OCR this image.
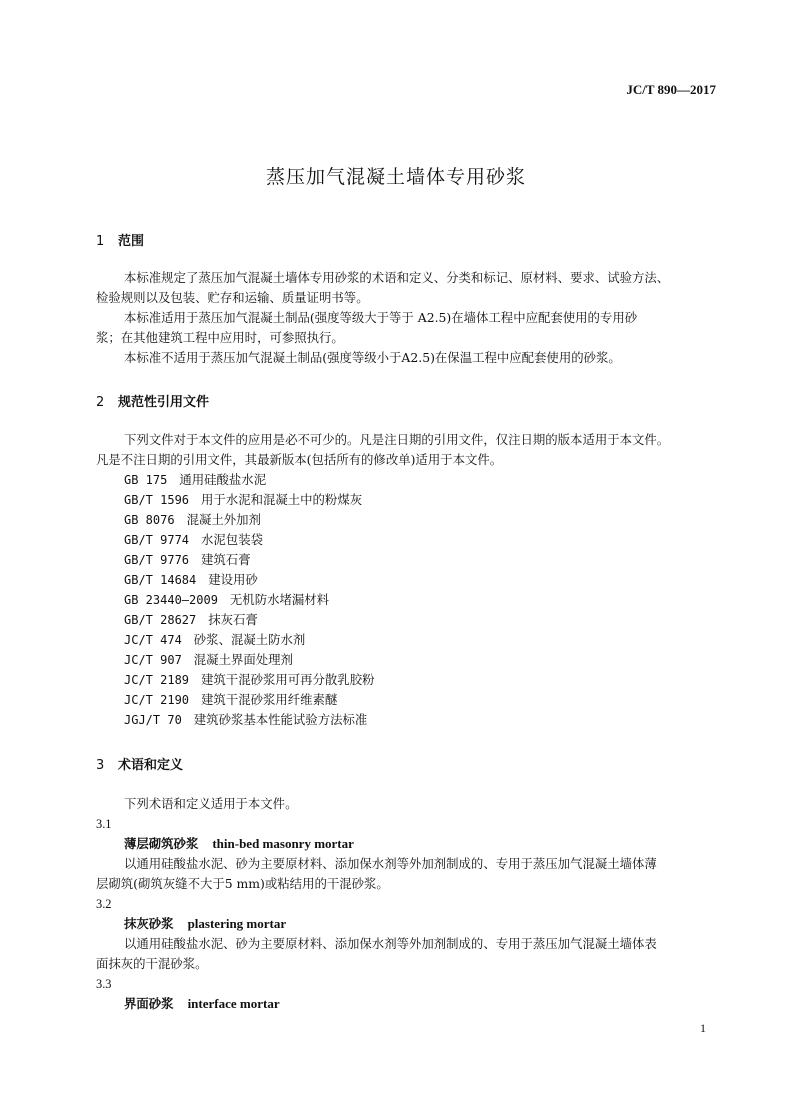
JC/T 890—2017
蒸压加气混凝土墙体专用砂浆
1 范围
本标准规定了蒸压加气混凝土墙体专用砂浆的术语和定义、分类和标记、原材料、要求、试验方法、
检验规则以及包装、贮存和运输、质量证明书等。
本标准适用于蒸压加气混凝土制品(强度等级大于等于 A2.5)在墙体工程中应配套使用的专用砂
浆；在其他建筑工程中应用时，可参照执行。
本标准不适用于蒸压加气混凝土制品(强度等级小于A2.5)在保温工程中应配套使用的砂浆。
2 规范性引用文件
下列文件对于本文件的应用是必不可少的。凡是注日期的引用文件，仅注日期的版本适用于本文件。
凡是不注日期的引用文件，其最新版本(包括所有的修改单)适用于本文件。
GB 175 通用硅酸盐水泥
GB/T 1596 用于水泥和混凝土中的粉煤灰
GB 8076 混凝土外加剂
GB/T 9774 水泥包装袋
GB/T 9776 建筑石膏
GB/T 14684 建设用砂
GB 23440—2009 无机防水堵漏材料
GB/T 28627 抹灰石膏
JC/T 474 砂浆、混凝土防水剂
JC/T 907 混凝土界面处理剂
JC/T 2189 建筑干混砂浆用可再分散乳胶粉
JC/T 2190 建筑干混砂浆用纤维素醚
JGJ/T 70 建筑砂浆基本性能试验方法标准
3 术语和定义
下列术语和定义适用于本文件。
3.1
薄层砌筑砂浆 thin-bed masonry mortar
以通用硅酸盐水泥、砂为主要原材料、添加保水剂等外加剂制成的、专用于蒸压加气混凝土墙体薄
层砌筑(砌筑灰缝不大于5 mm)或粘结用的干混砂浆。
3.2
抹灰砂浆 plastering mortar
以通用硅酸盐水泥、砂为主要原材料、添加保水剂等外加剂制成的、专用于蒸压加气混凝土墙体表
面抹灰的干混砂浆。
3.3
界面砂浆 interface mortar
1
